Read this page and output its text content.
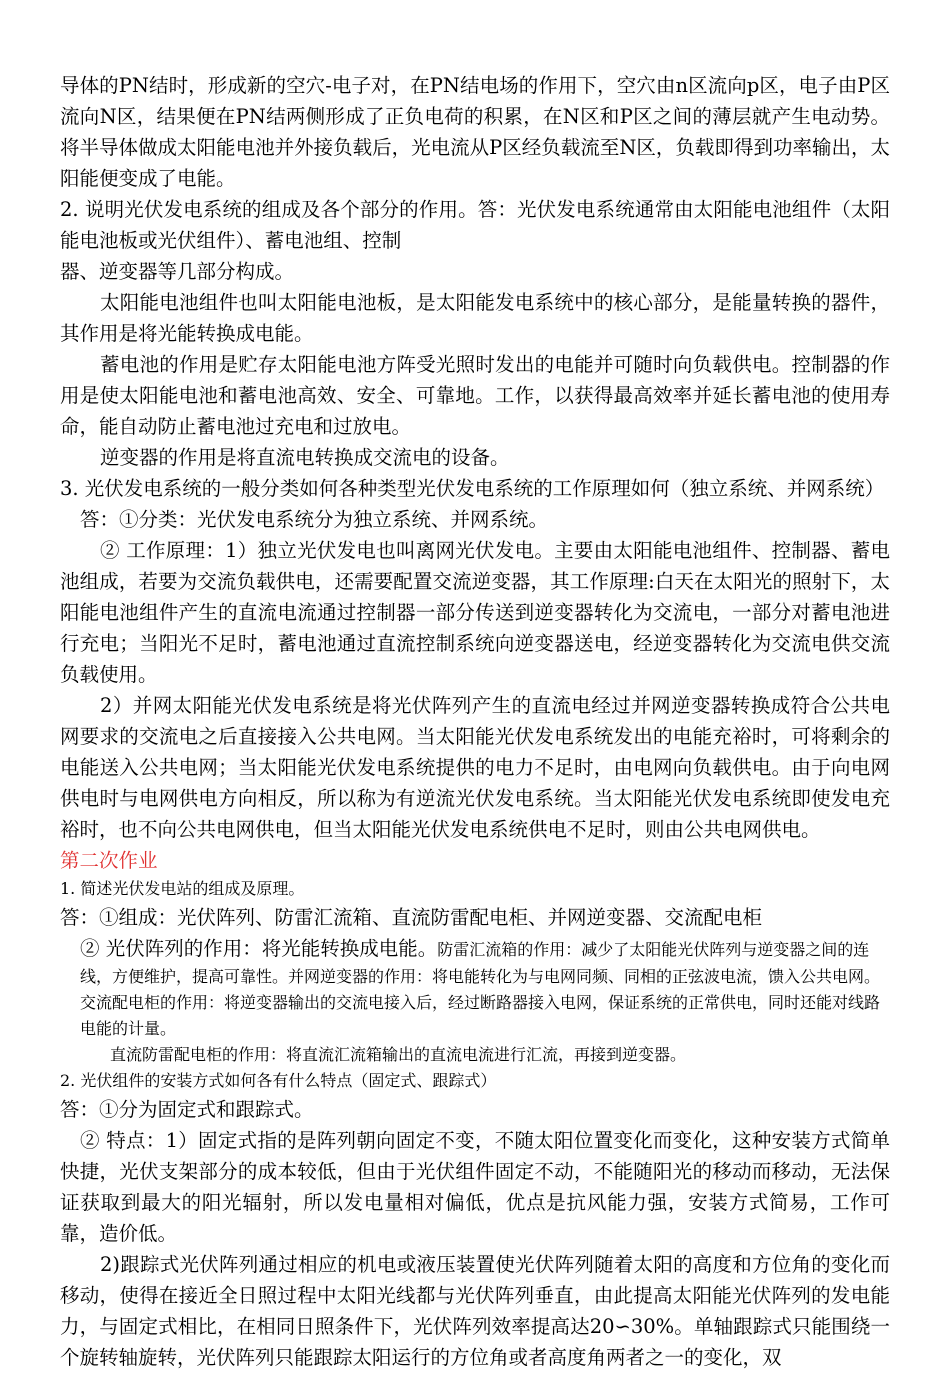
导体的PN结时，形成新的空穴-电子对，在PN结电场的作用下，空穴由n区流向p区，电子由P区流向N区，结果便在PN结两侧形成了正负电荷的积累，在N区和P区之间的薄层就产生电动势。将半导体做成太阳能电池并外接负载后，光电流从P区经负载流至N区，负载即得到功率输出，太阳能便变成了电能。

2. 说明光伏发电系统的组成及各个部分的作用。答：光伏发电系统通常由太阳能电池组件（太阳能电池板或光伏组件）、蓄电池组、控制

器、逆变器等几部分构成。

太阳能电池组件也叫太阳能电池板，是太阳能发电系统中的核心部分，是能量转换的器件，其作用是将光能转换成电能。

蓄电池的作用是贮存太阳能电池方阵受光照时发出的电能并可随时向负载供电。控制器的作用是使太阳能电池和蓄电池高效、安全、可靠地。工作，以获得最高效率并延长蓄电池的使用寿命，能自动防止蓄电池过充电和过放电。

逆变器的作用是将直流电转换成交流电的设备。

3. 光伏发电系统的一般分类如何各种类型光伏发电系统的工作原理如何（独立系统、并网系统）

答：①分类：光伏发电系统分为独立系统、并网系统。

② 工作原理：1）独立光伏发电也叫离网光伏发电。主要由太阳能电池组件、控制器、蓄电池组成，若要为交流负载供电，还需要配置交流逆变器，其工作原理:白天在太阳光的照射下，太阳能电池组件产生的直流电流通过控制器一部分传送到逆变器转化为交流电，一部分对蓄电池进行充电；当阳光不足时，蓄电池通过直流控制系统向逆变器送电，经逆变器转化为交流电供交流负载使用。

2）并网太阳能光伏发电系统是将光伏阵列产生的直流电经过并网逆变器转换成符合公共电网要求的交流电之后直接接入公共电网。当太阳能光伏发电系统发出的电能充裕时，可将剩余的电能送入公共电网；当太阳能光伏发电系统提供的电力不足时，由电网向负载供电。由于向电网供电时与电网供电方向相反，所以称为有逆流光伏发电系统。当太阳能光伏发电系统即使发电充裕时，也不向公共电网供电，但当太阳能光伏发电系统供电不足时，则由公共电网供电。

第二次作业

1. 简述光伏发电站的组成及原理。

答：①组成：光伏阵列、防雷汇流箱、直流防雷配电柜、并网逆变器、交流配电柜

② 光伏阵列的作用：将光能转换成电能。防雷汇流箱的作用：减少了太阳能光伏阵列与逆变器之间的连线，方便维护，提高可靠性。并网逆变器的作用：将电能转化为与电网同频、同相的正弦波电流，馈入公共电网。交流配电柜的作用：将逆变器输出的交流电接入后，经过断路器接入电网，保证系统的正常供电，同时还能对线路电能的计量。

直流防雷配电柜的作用：将直流汇流箱输出的直流电流进行汇流，再接到逆变器。

2. 光伏组件的安装方式如何各有什么特点（固定式、跟踪式）

答：①分为固定式和跟踪式。

② 特点：1）固定式指的是阵列朝向固定不变，不随太阳位置变化而变化，这种安装方式简单快捷，光伏支架部分的成本较低，但由于光伏组件固定不动，不能随阳光的移动而移动，无法保证获取到最大的阳光辐射，所以发电量相对偏低，优点是抗风能力强，安装方式简易，工作可靠，造价低。

2)跟踪式光伏阵列通过相应的机电或液压装置使光伏阵列随着太阳的高度和方位角的变化而移动，使得在接近全日照过程中太阳光线都与光伏阵列垂直，由此提高太阳能光伏阵列的发电能力，与固定式相比，在相同日照条件下，光伏阵列效率提高达20∽30%。单轴跟踪式只能围绕一个旋转轴旋转，光伏阵列只能跟踪太阳运行的方位角或者高度角两者之一的变化，双
